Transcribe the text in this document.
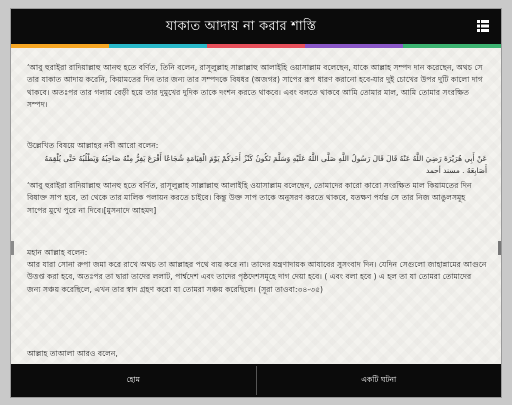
যাকাত আদায় না করার শাস্তি

‘আবু হুরাইরা রাদিয়াল্লাহু আনহু হতে বর্ণিত, তিনি বলেন, রাসূলুল্লাহ সাল্লাল্লাহু আলাইহি ওয়াসাল্লাম বলেছেন, যাকে আল্লাহ সম্পদ দান করেছেন, অথচ সে তার যাকাত আদায় করেনি, কিয়ামতের দিন তার জন্য তার সম্পদকে বিষধর (অজগর) সাপের রূপ ধারণ করানো হবে-যার দুই চোখের উপর দুটি কালো দাগ থাকবে। অতঃপর তার গলায় বেড়ী হয়ে তার দুমুখের দুদিক তাকে দংশন করতে থাকবে। এবং বলতে থাকবে আমি তোমার মাল, আমি তোমার সংরক্ষিত সম্পদ।

উল্লেখিত বিষয়ে আল্লাহর নবী আরো বলেন:

عَنْ أَبِي هُرَيْرَةَ رَضِيَ اللَّهُ عَنْهُ قَالَ قَالَ رَسُولُ اللَّهِ صَلَّى اللَّهُ عَلَيْهِ وَسَلَّمَ تَكُونُ كَنْزُ أَحَدِكُمْ يَوْمَ الْقِيَامَةِ شُجَاعًا أَقْرَعَ يَفِرُّ مِنْهُ صَاحِبُهُ وَيَطْلُبُهُ حَتَّى يُلْقِمَهُ أَصَابِعَهُ . مسند أحمد

‘আবু হুরাইরা রাদিয়াল্লাহু আনহু হতে বর্ণিত, রাসূলুল্লাহ সাল্লাল্লাহু আলাইহি ওয়াসাল্লাম বলেছেন, তোমাদের কারো কারো সংরক্ষিত মাল কিয়ামতের দিন বিষাক্ত সাপ হবে, তা থেকে তার মালিক পলায়ন করতে চাইবে। কিন্তু উক্ত সাপ তাকে অনুসরণ করতে থাকবে, যতক্ষণ পর্যন্ত সে তার নিজ আঙুলসমূহ সাপের মুখে পুরে না দিবে।[মুসনাদে আহমদ]

মহান আল্লাহ বলেন:

আর যারা সোনা রুপা জমা করে রাখে অথচ তা আল্লাহর পথে ব্যয় করে না। তাদের যন্ত্রণাদায়ক আযাবের সুসংবাদ দিন। যেদিন সেগুলো জাহান্নামের আগুনে উত্তপ্ত করা হবে, অতঃপর তা দ্বারা তাদের ললাট, পার্শ্বদেশ এবং তাদের পৃষ্ঠদেশসমূহে দাগ দেয়া হবে। ( এবং বলা হবে ) এ হল তা যা তোমরা তোমাদের জন্য সঞ্চয় করেছিলে, এখন তার স্বাদ গ্রহণ করো যা তোমরা সঞ্চয় করেছিলে। (সূরা তাওবা:৩৪-৩৫)

আল্লাহ তাআলা আরও বলেন,

হোম	একটি ঘটনা
